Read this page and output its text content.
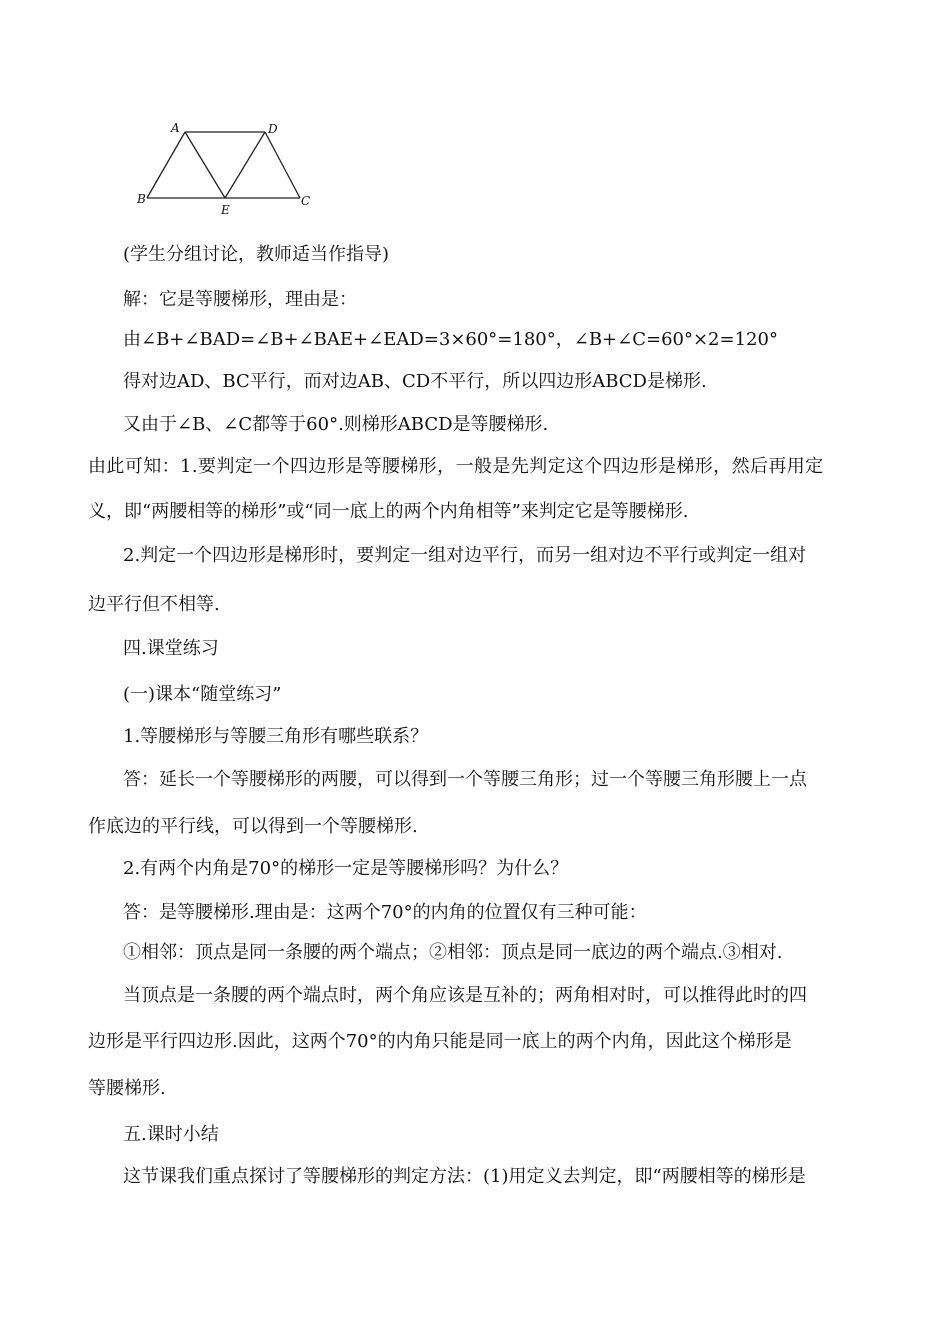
A	D
B
E
C
(学生分组讨论，教师适当作指导)
解：它是等腰梯形，理由是：
由∠B+∠BAD=∠B+∠BAE+∠EAD=3×60°=180°，∠B+∠C=60°×2=120°
得对边AD、BC平行，而对边AB、CD不平行，所以四边形ABCD是梯形.
又由于∠B、∠C都等于60°.则梯形ABCD是等腰梯形.
由此可知：1.要判定一个四边形是等腰梯形，一般是先判定这个四边形是梯形，然后再用定
义，即“两腰相等的梯形”或“同一底上的两个内角相等”来判定它是等腰梯形.
2.判定一个四边形是梯形时，要判定一组对边平行，而另一组对边不平行或判定一组对
边平行但不相等.
四.课堂练习
(一)课本“随堂练习”
1.等腰梯形与等腰三角形有哪些联系？
答：延长一个等腰梯形的两腰，可以得到一个等腰三角形；过一个等腰三角形腰上一点
作底边的平行线，可以得到一个等腰梯形.
2.有两个内角是70°的梯形一定是等腰梯形吗？为什么？
答：是等腰梯形.理由是：这两个70°的内角的位置仅有三种可能：
①相邻：顶点是同一条腰的两个端点；②相邻：顶点是同一底边的两个端点.③相对.
当顶点是一条腰的两个端点时，两个角应该是互补的；两角相对时，可以推得此时的四
边形是平行四边形.因此，这两个70°的内角只能是同一底上的两个内角，因此这个梯形是
等腰梯形.
五.课时小结
这节课我们重点探讨了等腰梯形的判定方法：(1)用定义去判定，即“两腰相等的梯形是
